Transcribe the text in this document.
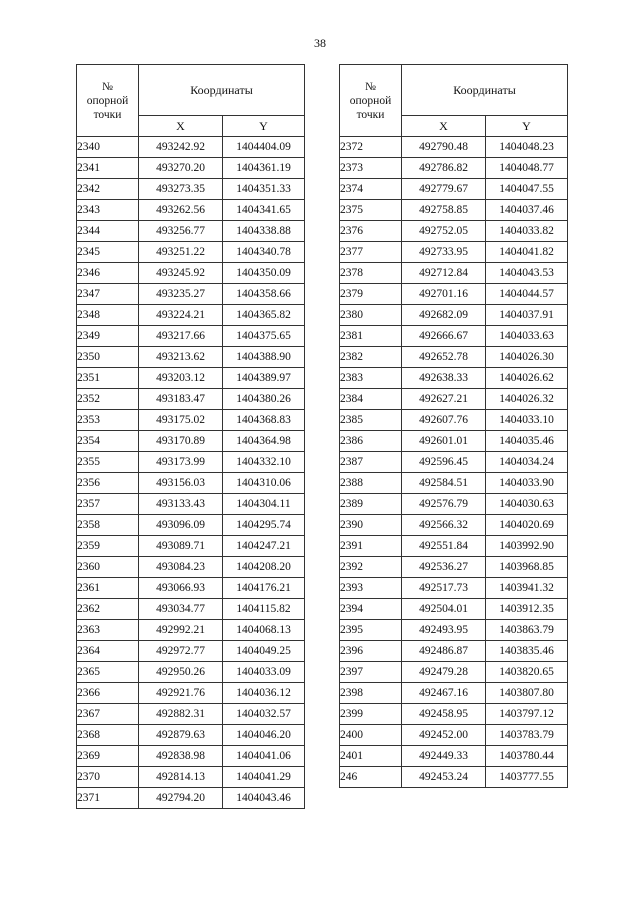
38
№
опорной
точки	Координаты	
	X	Y
2340	493242.92	1404404.09
2341	493270.20	1404361.19
2342	493273.35	1404351.33
2343	493262.56	1404341.65
2344	493256.77	1404338.88
2345	493251.22	1404340.78
2346	493245.92	1404350.09
2347	493235.27	1404358.66
2348	493224.21	1404365.82
2349	493217.66	1404375.65
2350	493213.62	1404388.90
2351	493203.12	1404389.97
2352	493183.47	1404380.26
2353	493175.02	1404368.83
2354	493170.89	1404364.98
2355	493173.99	1404332.10
2356	493156.03	1404310.06
2357	493133.43	1404304.11
2358	493096.09	1404295.74
2359	493089.71	1404247.21
2360	493084.23	1404208.20
2361	493066.93	1404176.21
2362	493034.77	1404115.82
2363	492992.21	1404068.13
2364	492972.77	1404049.25
2365	492950.26	1404033.09
2366	492921.76	1404036.12
2367	492882.31	1404032.57
2368	492879.63	1404046.20
2369	492838.98	1404041.06
2370	492814.13	1404041.29
2371	492794.20	1404043.46
№
опорной
точки	Координаты	
	X	Y
2372	492790.48	1404048.23
2373	492786.82	1404048.77
2374	492779.67	1404047.55
2375	492758.85	1404037.46
2376	492752.05	1404033.82
2377	492733.95	1404041.82
2378	492712.84	1404043.53
2379	492701.16	1404044.57
2380	492682.09	1404037.91
2381	492666.67	1404033.63
2382	492652.78	1404026.30
2383	492638.33	1404026.62
2384	492627.21	1404026.32
2385	492607.76	1404033.10
2386	492601.01	1404035.46
2387	492596.45	1404034.24
2388	492584.51	1404033.90
2389	492576.79	1404030.63
2390	492566.32	1404020.69
2391	492551.84	1403992.90
2392	492536.27	1403968.85
2393	492517.73	1403941.32
2394	492504.01	1403912.35
2395	492493.95	1403863.79
2396	492486.87	1403835.46
2397	492479.28	1403820.65
2398	492467.16	1403807.80
2399	492458.95	1403797.12
2400	492452.00	1403783.79
2401	492449.33	1403780.44
246	492453.24	1403777.55
